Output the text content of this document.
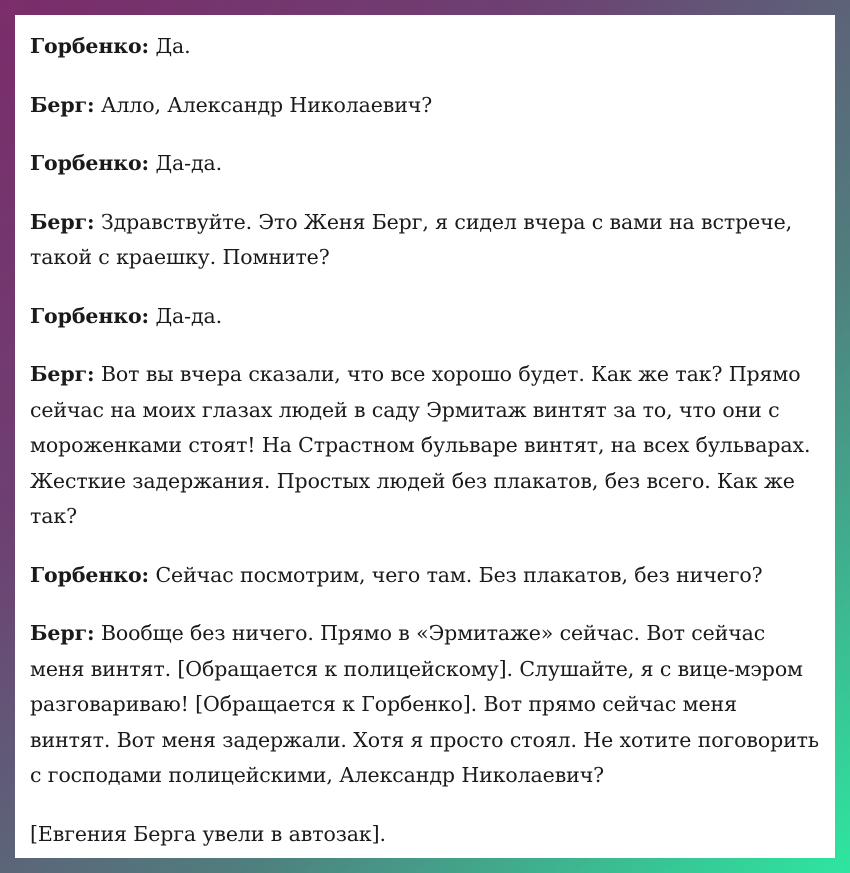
Горбенко: Да.

Берг: Алло, Александр Николаевич?

Горбенко: Да-да.

Берг: Здравствуйте. Это Женя Берг, я сидел вчера с вами на встрече, такой с краешку. Помните?

Горбенко: Да-да.

Берг: Вот вы вчера сказали, что все хорошо будет. Как же так? Прямо сейчас на моих глазах людей в саду Эрмитаж винтят за то, что они с мороженками стоят! На Страстном бульваре винтят, на всех бульварах. Жесткие задержания. Простых людей без плакатов, без всего. Как же так?

Горбенко: Сейчас посмотрим, чего там. Без плакатов, без ничего?

Берг: Вообще без ничего. Прямо в «Эрмитаже» сейчас. Вот сейчас меня винтят. [Обращается к полицейскому]. Слушайте, я с вице-мэром разговариваю! [Обращается к Горбенко]. Вот прямо сейчас меня винтят. Вот меня задержали. Хотя я просто стоял. Не хотите поговорить с господами полицейскими, Александр Николаевич?

[Евгения Берга увели в автозак].
